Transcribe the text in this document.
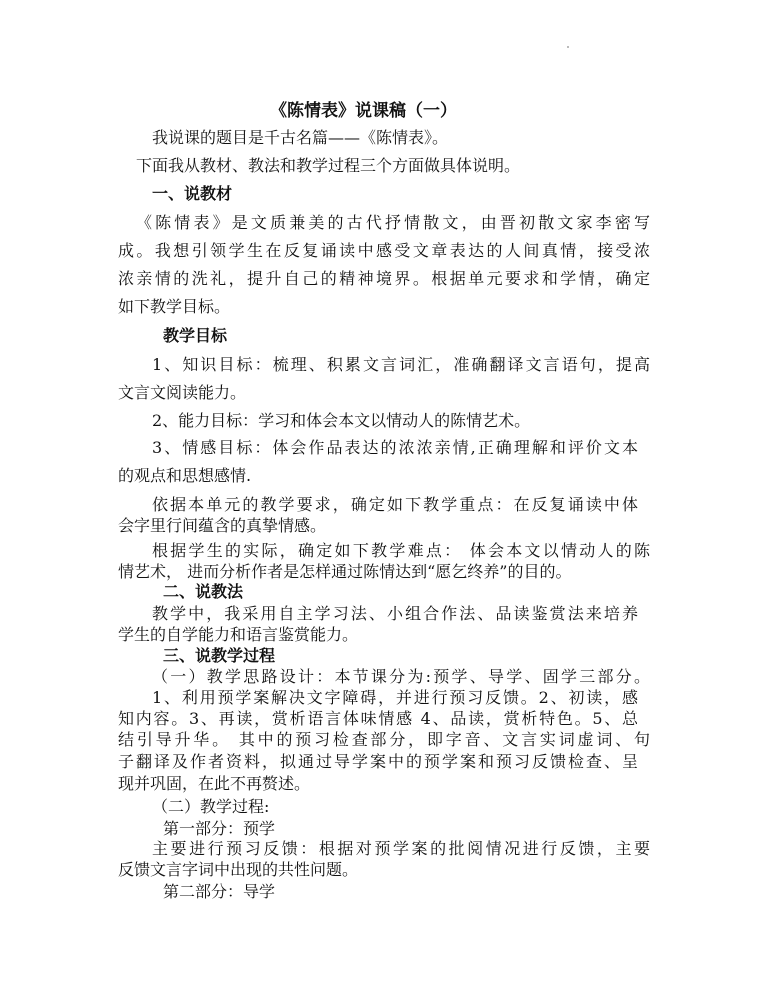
《陈情表》说课稿（一）
我说课的题目是千古名篇——《陈情表》。
下面我从教材、教法和教学过程三个方面做具体说明。
一、说教材
《陈情表》是文质兼美的古代抒情散文，由晋初散文家李密写
成。我想引领学生在反复诵读中感受文章表达的人间真情，接受浓
浓亲情的洗礼，提升自己的精神境界。根据单元要求和学情，确定
如下教学目标。
教学目标
1、知识目标：梳理、积累文言词汇，准确翻译文言语句，提高
文言文阅读能力。
2、能力目标：学习和体会本文以情动人的陈情艺术。
3、情感目标：体会作品表达的浓浓亲情,正确理解和评价文本
的观点和思想感情.
依据本单元的教学要求，确定如下教学重点：在反复诵读中体
会字里行间蕴含的真挚情感。
根据学生的实际，确定如下教学难点： 体会本文以情动人的陈
情艺术， 进而分析作者是怎样通过陈情达到“愿乞终养”的目的。
二、说教法
教学中，我采用自主学习法、小组合作法、品读鉴赏法来培养
学生的自学能力和语言鉴赏能力。
三、说教学过程
（一）教学思路设计：本节课分为:预学、导学、固学三部分。
1、利用预学案解决文字障碍，并进行预习反馈。2、初读，感
知内容。3、再读，赏析语言体味情感 4、品读，赏析特色。5、总
结引导升华。 其中的预习检查部分，即字音、文言实词虚词、句
子翻译及作者资料，拟通过导学案中的预学案和预习反馈检查、呈
现并巩固，在此不再赘述。
（二）教学过程:
第一部分：预学
主要进行预习反馈：根据对预学案的批阅情况进行反馈，主要
反馈文言字词中出现的共性问题。
第二部分：导学
